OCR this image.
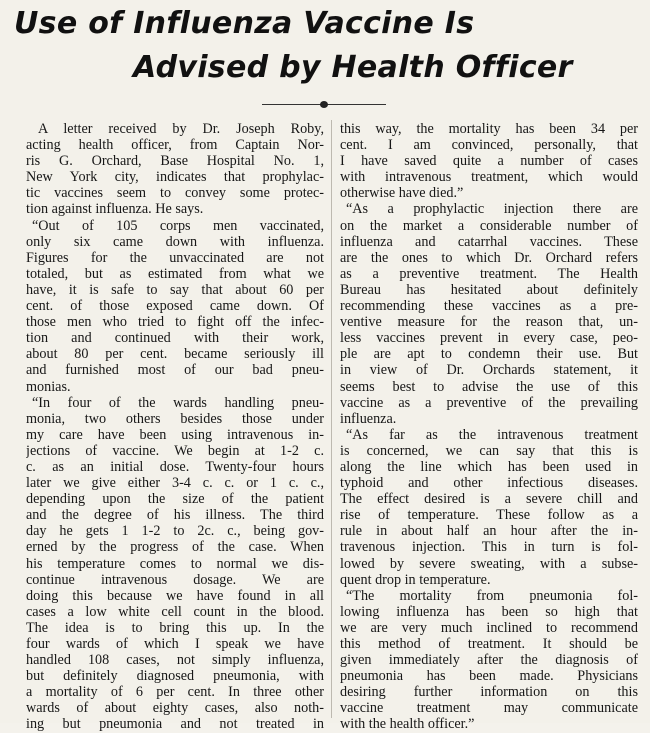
Use of Influenza Vaccine Is
Advised by Health Officer
A letter received by Dr. Joseph Roby,
acting health officer, from Captain Nor-
ris G. Orchard, Base Hospital No. 1,
New York city, indicates that prophylac-
tic vaccines seem to convey some protec-
tion against influenza. He says.
“Out of 105 corps men vaccinated,
only six came down with influenza.
Figures for the unvaccinated are not
totaled, but as estimated from what we
have, it is safe to say that about 60 per
cent. of those exposed came down. Of
those men who tried to fight off the infec-
tion and continued with their work,
about 80 per cent. became seriously ill
and furnished most of our bad pneu-
monias.
“In four of the wards handling pneu-
monia, two others besides those under
my care have been using intravenous in-
jections of vaccine. We begin at 1-2 c.
c. as an initial dose. Twenty-four hours
later we give either 3-4 c. c. or 1 c. c.,
depending upon the size of the patient
and the degree of his illness. The third
day he gets 1 1-2 to 2c. c., being gov-
erned by the progress of the case. When
his temperature comes to normal we dis-
continue intravenous dosage. We are
doing this because we have found in all
cases a low white cell count in the blood.
The idea is to bring this up. In the
four wards of which I speak we have
handled 108 cases, not simply influenza,
but definitely diagnosed pneumonia, with
a mortality of 6 per cent. In three other
wards of about eighty cases, also noth-
ing but pneumonia and not treated in
this way, the mortality has been 34 per
cent. I am convinced, personally, that
I have saved quite a number of cases
with intravenous treatment, which would
otherwise have died.”
“As a prophylactic injection there are
on the market a considerable number of
influenza and catarrhal vaccines. These
are the ones to which Dr. Orchard refers
as a preventive treatment. The Health
Bureau has hesitated about definitely
recommending these vaccines as a pre-
ventive measure for the reason that, un-
less vaccines prevent in every case, peo-
ple are apt to condemn their use. But
in view of Dr. Orchards statement, it
seems best to advise the use of this
vaccine as a preventive of the prevailing
influenza.
“As far as the intravenous treatment
is concerned, we can say that this is
along the line which has been used in
typhoid and other infectious diseases.
The effect desired is a severe chill and
rise of temperature. These follow as a
rule in about half an hour after the in-
travenous injection. This in turn is fol-
lowed by severe sweating, with a subse-
quent drop in temperature.
“The mortality from pneumonia fol-
lowing influenza has been so high that
we are very much inclined to recommend
this method of treatment. It should be
given immediately after the diagnosis of
pneumonia has been made. Physicians
desiring further information on this
vaccine treatment may communicate
with the health officer.”
